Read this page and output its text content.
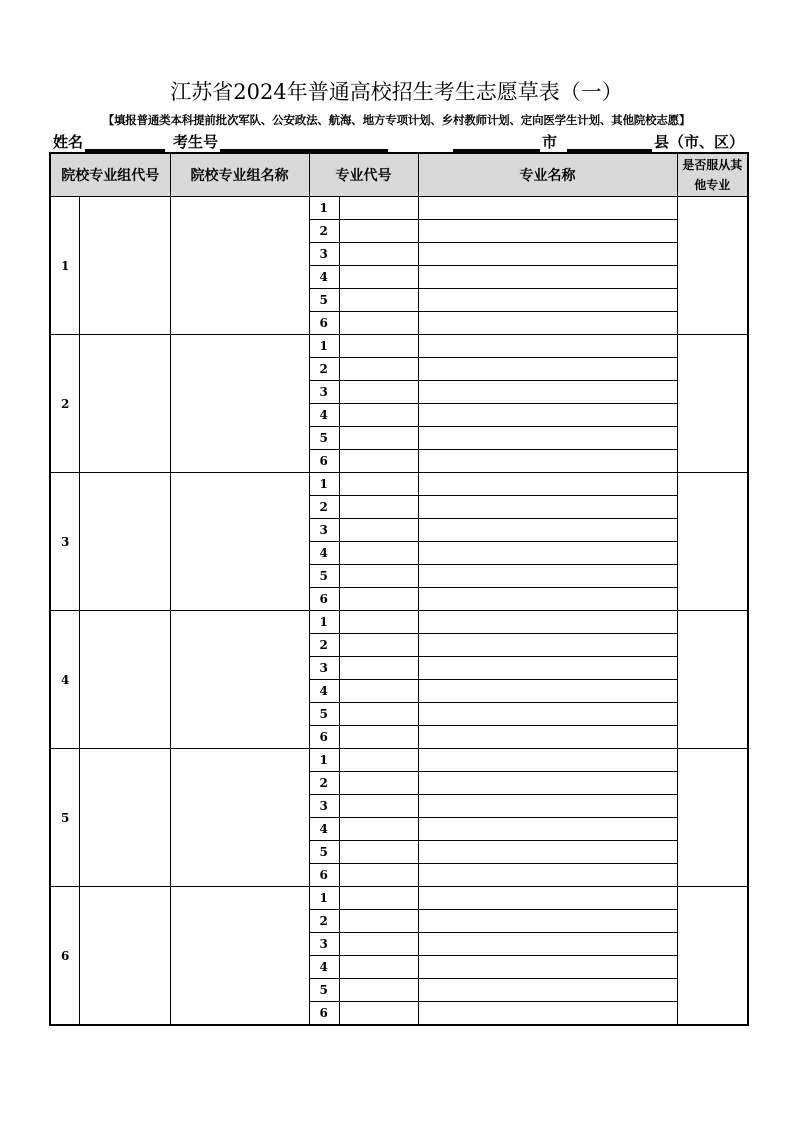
江苏省2024年普通高校招生考生志愿草表（一）
【填报普通类本科提前批次军队、公安政法、航海、地方专项计划、乡村教师计划、定向医学生计划、其他院校志愿】
姓名	考生号	市	县（市、区）
院校专业组代号		院校专业组名称	专业代号		专业名称	是否服从其他专业
1			1			
			2			
			3			
			4			
			5			
			6			
2			1			
			2			
			3			
			4			
			5			
			6			
3			1			
			2			
			3			
			4			
			5			
			6			
4			1			
			2			
			3			
			4			
			5			
			6			
5			1			
			2			
			3			
			4			
			5			
			6			
6			1			
			2			
			3			
			4			
			5			
			6			
